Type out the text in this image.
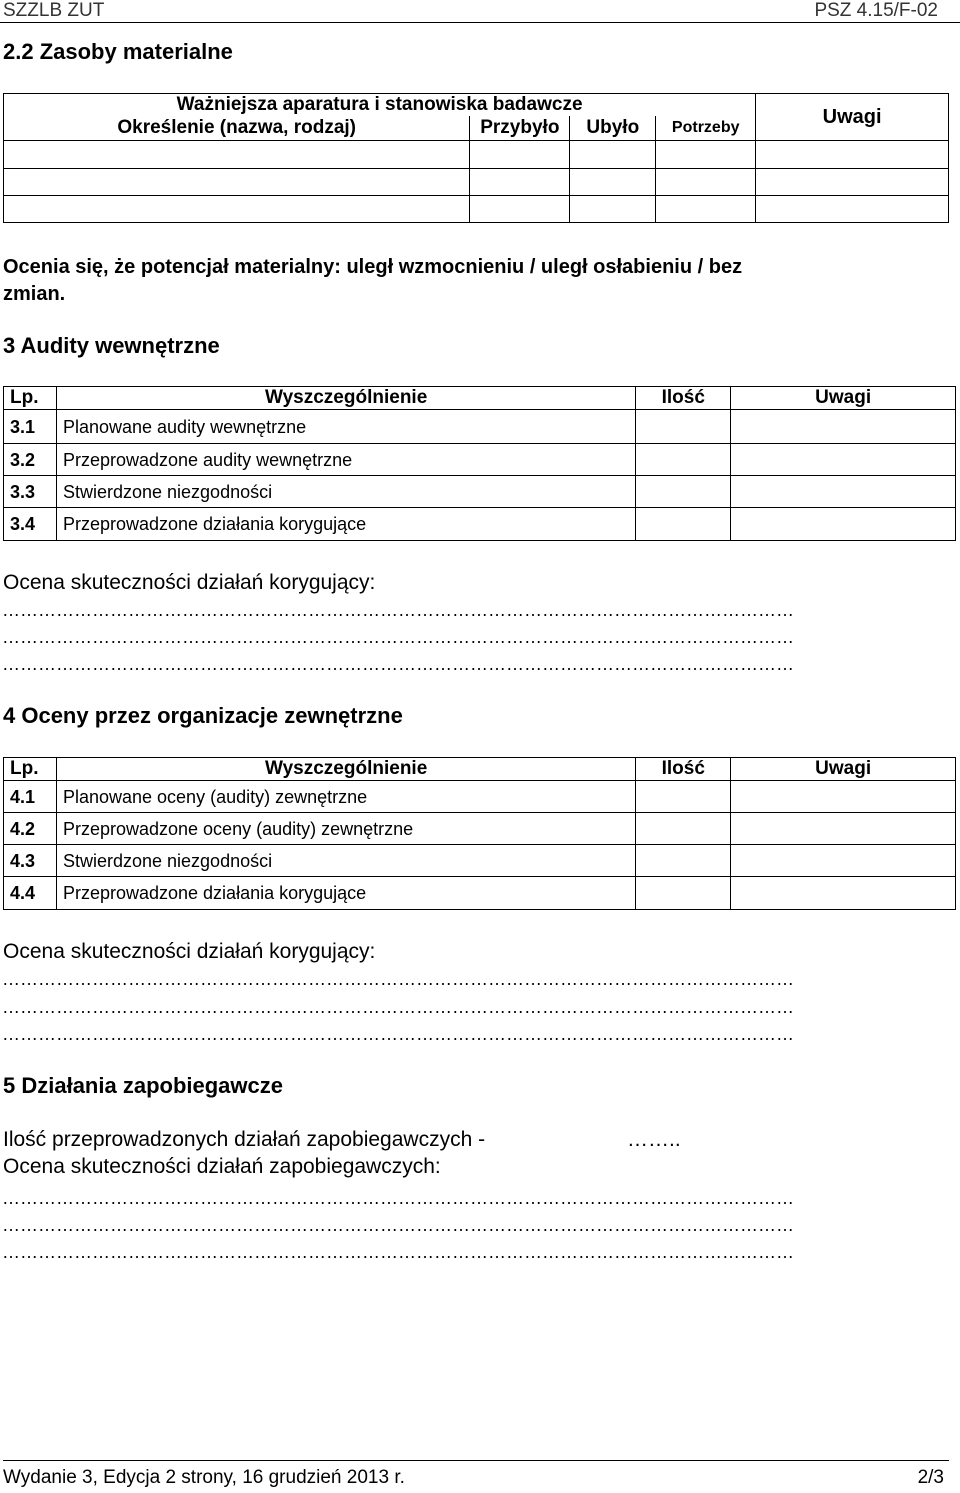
SZZLB ZUT	PSZ 4.15/F-02
2.2 Zasoby materialne
Ważniejsza aparatura i stanowiska badawcze				Uwagi
Określenie (nazwa, rodzaj)	Przybyło	Ubyło	Potrzeby	

Ocenia się, że potencjał materialny: uległ wzmocnieniu / uległ osłabieniu / bez
zmian.
3 Audity wewnętrzne
Lp.	Wyszczególnienie	Ilość	Uwagi
3.1	Planowane audity wewnętrzne		
3.2	Przeprowadzone audity wewnętrzne		
3.3	Stwierdzone niezgodności		
3.4	Przeprowadzone działania korygujące		
Ocena skuteczności działań korygujący:
……………………………………………………………………………………………………………………
……………………………………………………………………………………………………………………
……………………………………………………………………………………………………………………
4 Oceny przez organizacje zewnętrzne
Lp.	Wyszczególnienie	Ilość	Uwagi
4.1	Planowane oceny (audity) zewnętrzne		
4.2	Przeprowadzone oceny (audity) zewnętrzne		
4.3	Stwierdzone niezgodności		
4.4	Przeprowadzone działania korygujące		
Ocena skuteczności działań korygujący:
……………………………………………………………………………………………………………………
……………………………………………………………………………………………………………………
……………………………………………………………………………………………………………………
5 Działania zapobiegawcze
Ilość przeprowadzonych działań zapobiegawczych -	……..
Ocena skuteczności działań zapobiegawczych:
……………………………………………………………………………………………………………………
……………………………………………………………………………………………………………………
……………………………………………………………………………………………………………………
Wydanie 3, Edycja 2 strony, 16 grudzień 2013 r.	2/3
